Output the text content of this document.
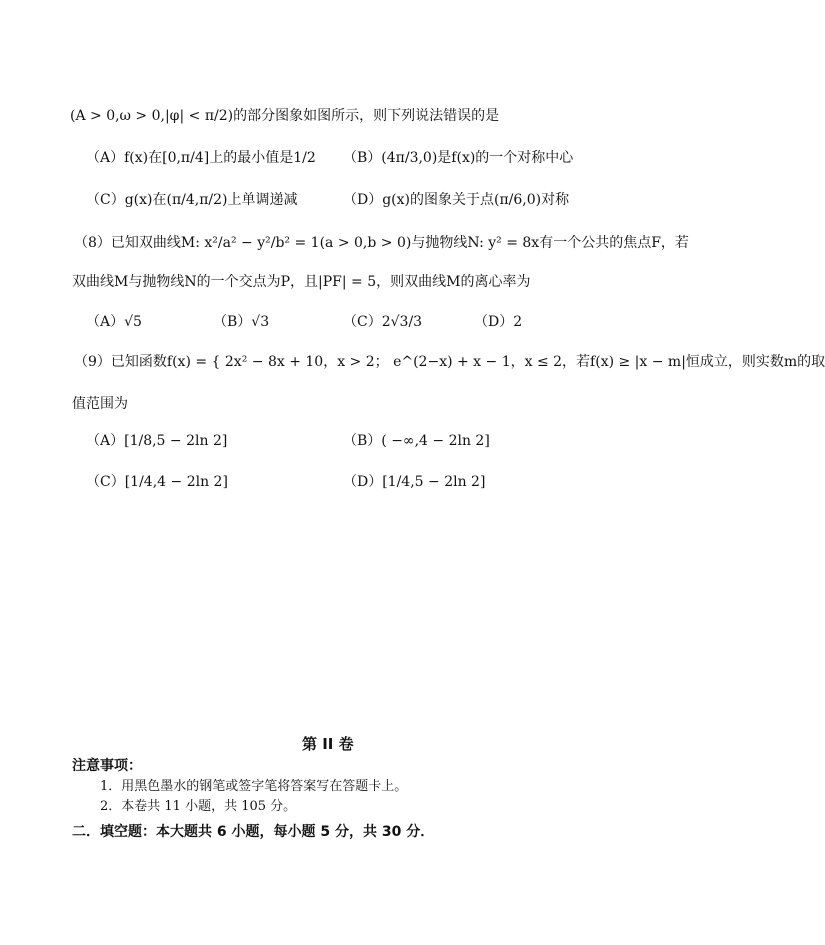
(A > 0,ω > 0,|φ| < π/2)的部分图象如图所示，则下列说法错误的是
（A）f(x)在[0,π/4]上的最小值是1/2 （B）(4π/3,0)是f(x)的一个对称中心
（C）g(x)在(π/4,π/2)上单调递减	（D）g(x)的图象关于点(π/6,0)对称
（8）已知双曲线M: x²/a² − y²/b² = 1(a > 0,b > 0)与抛物线N: y² = 8x有一个公共的焦点F，若
双曲线M与抛物线N的一个交点为P，且|PF| = 5，则双曲线M的离心率为
（A）√5	（B）√3	（C）2√3/3	（D）2
（9）已知函数f(x) = { 2x² − 8x + 10，x > 2； e^(2−x) + x − 1，x ≤ 2，若f(x) ≥ |x − m|恒成立，则实数m的取
值范围为
（A）[1/8,5 − 2ln 2]	（B）( −∞,4 − 2ln 2]
（C）[1/4,4 − 2ln 2]	（D）[1/4,5 − 2ln 2]
第 II 卷
注意事项：
1．用黑色墨水的钢笔或签字笔将答案写在答题卡上。
2．本卷共 11 小题，共 105 分。
二．填空题：本大题共 6 小题，每小题 5 分，共 30 分．
